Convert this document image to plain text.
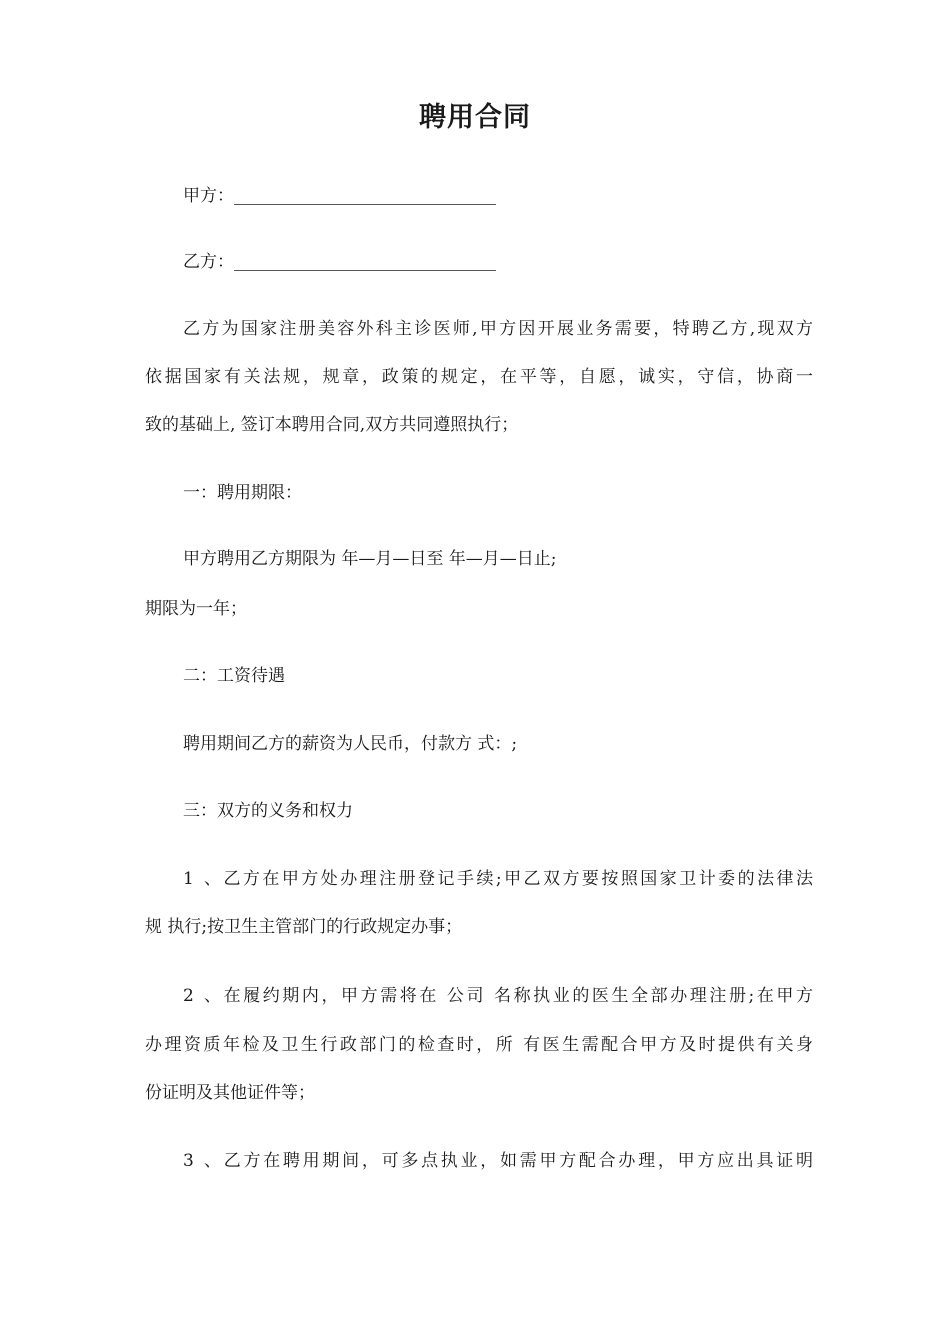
聘用合同
甲方：
乙方：
乙方为国家注册美容外科主诊医师,甲方因开展业务需要，特聘乙方,现双方
依据国家有关法规，规章，政策的规定，在平等，自愿，诚实，守信，协商一
致的基础上, 签订本聘用合同,双方共同遵照执行；
一：聘用期限：
甲方聘用乙方期限为 年—月—日至 年—月—日止;
期限为一年；
二：工资待遇
聘用期间乙方的薪资为人民币，付款方 式：;
三：双方的义务和权力
1、乙方在甲方处办理注册登记手续;甲乙双方要按照国家卫计委的法律法
规 执行;按卫生主管部门的行政规定办事；
2、在履约期内，甲方需将在 公司 名称执业的医生全部办理注册;在甲方
办理资质年检及卫生行政部门的检查时，所 有医生需配合甲方及时提供有关身
份证明及其他证件等；
3、乙方在聘用期间，可多点执业，如需甲方配合办理，甲方应出具证明
